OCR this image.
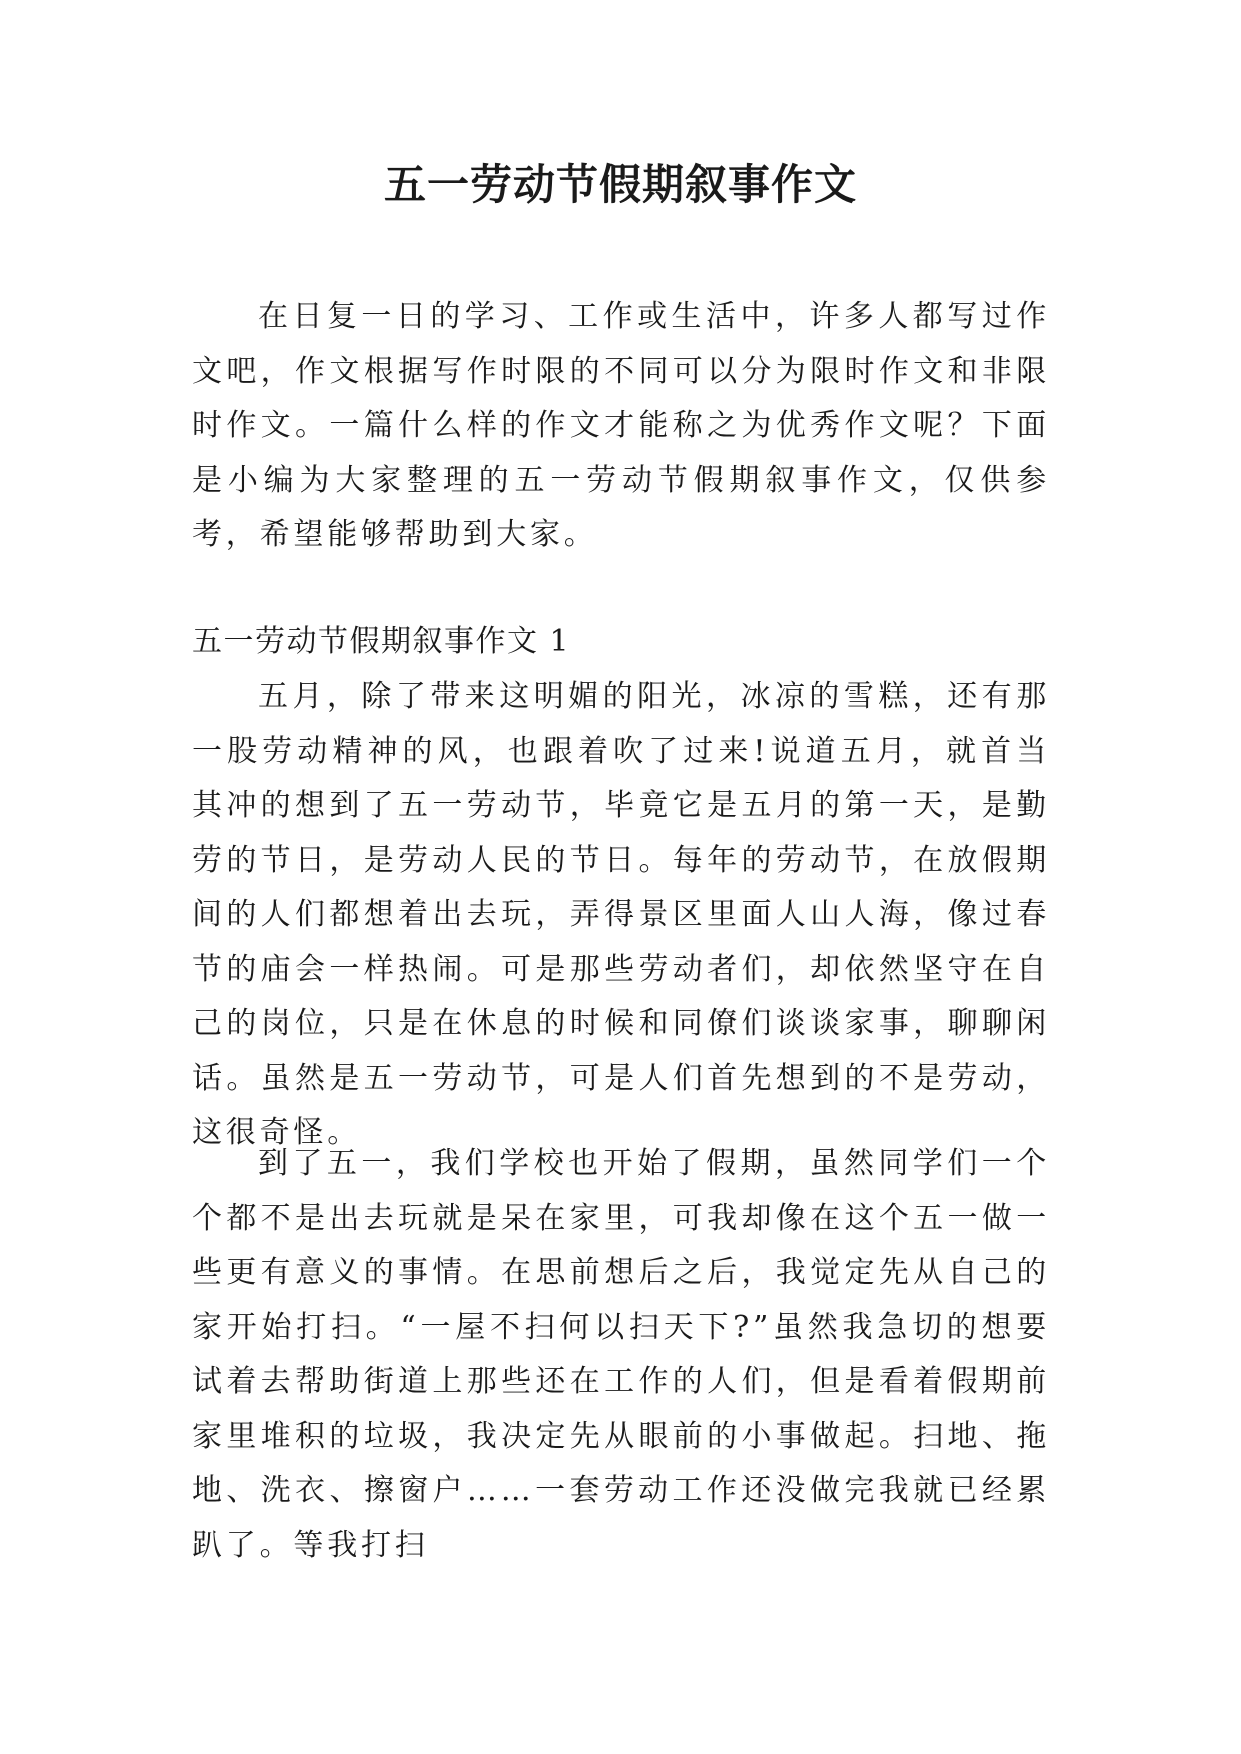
五一劳动节假期叙事作文

在日复一日的学习、工作或生活中，许多人都写过作文吧，作文根据写作时限的不同可以分为限时作文和非限时作文。一篇什么样的作文才能称之为优秀作文呢？下面是小编为大家整理的五一劳动节假期叙事作文，仅供参考，希望能够帮助到大家。

五一劳动节假期叙事作文 1

五月，除了带来这明媚的阳光，冰凉的雪糕，还有那一股劳动精神的风，也跟着吹了过来!说道五月，就首当其冲的想到了五一劳动节，毕竟它是五月的第一天，是勤劳的节日，是劳动人民的节日。每年的劳动节，在放假期间的人们都想着出去玩，弄得景区里面人山人海，像过春节的庙会一样热闹。可是那些劳动者们，却依然坚守在自己的岗位，只是在休息的时候和同僚们谈谈家事，聊聊闲话。虽然是五一劳动节，可是人们首先想到的不是劳动，这很奇怪。

到了五一，我们学校也开始了假期，虽然同学们一个个都不是出去玩就是呆在家里，可我却像在这个五一做一些更有意义的事情。在思前想后之后，我觉定先从自己的家开始打扫。“一屋不扫何以扫天下?”虽然我急切的想要试着去帮助街道上那些还在工作的人们，但是看着假期前家里堆积的垃圾，我决定先从眼前的小事做起。扫地、拖地、洗衣、擦窗户……一套劳动工作还没做完我就已经累趴了。等我打扫
